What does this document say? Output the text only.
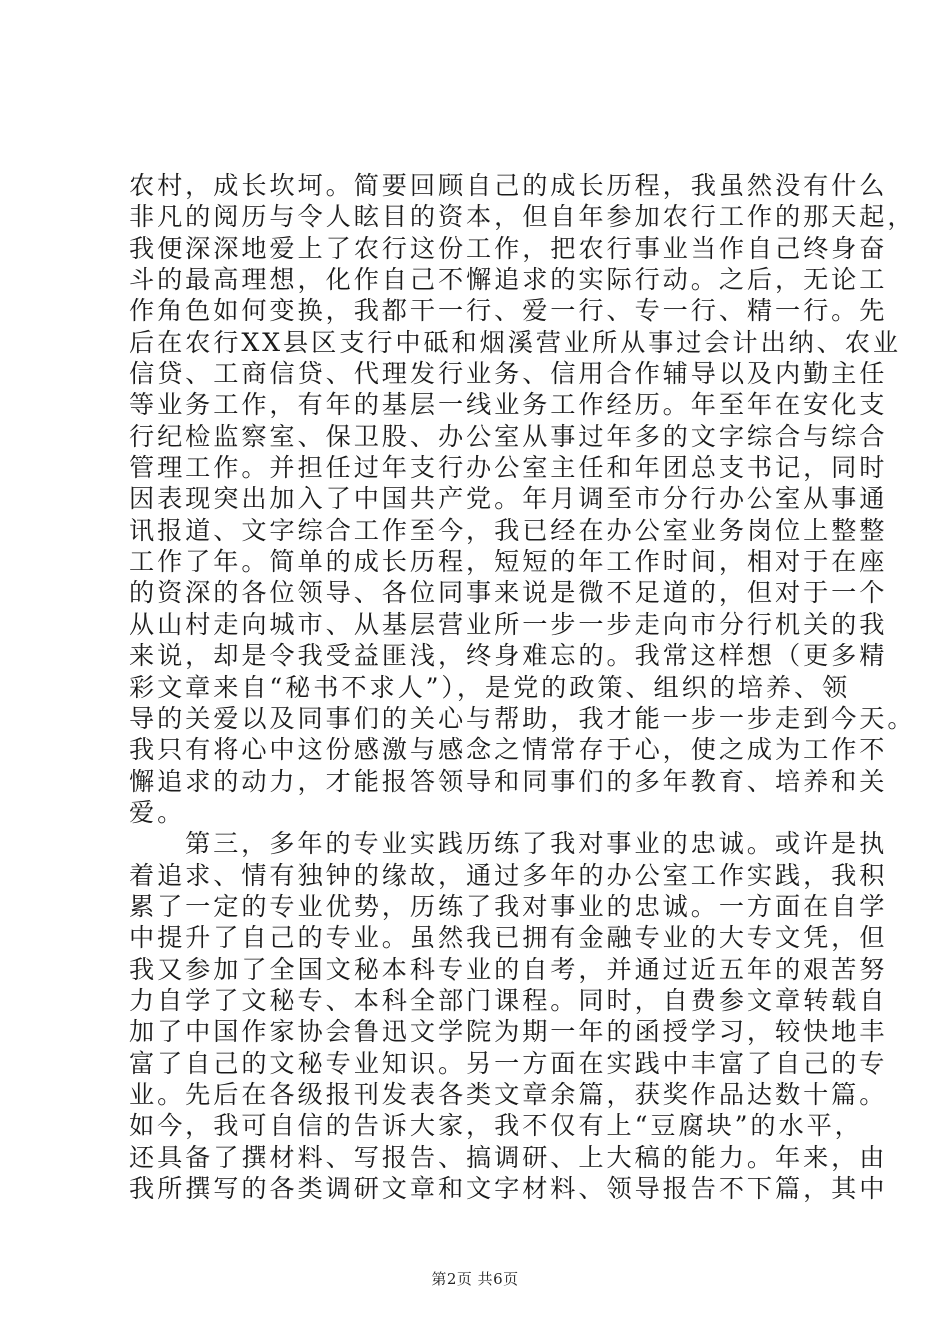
农村，成长坎坷。简要回顾自己的成长历程，我虽然没有什么
非凡的阅历与令人眩目的资本，但自年参加农行工作的那天起，
我便深深地爱上了农行这份工作，把农行事业当作自己终身奋
斗的最高理想，化作自己不懈追求的实际行动。之后，无论工
作角色如何变换，我都干一行、爱一行、专一行、精一行。先
后在农行XX县区支行中砥和烟溪营业所从事过会计出纳、农业
信贷、工商信贷、代理发行业务、信用合作辅导以及内勤主任
等业务工作，有年的基层一线业务工作经历。年至年在安化支
行纪检监察室、保卫股、办公室从事过年多的文字综合与综合
管理工作。并担任过年支行办公室主任和年团总支书记，同时
因表现突出加入了中国共产党。年月调至市分行办公室从事通
讯报道、文字综合工作至今，我已经在办公室业务岗位上整整
工作了年。简单的成长历程，短短的年工作时间，相对于在座
的资深的各位领导、各位同事来说是微不足道的，但对于一个
从山村走向城市、从基层营业所一步一步走向市分行机关的我
来说，却是令我受益匪浅，终身难忘的。我常这样想（更多精
彩文章来自“秘书不求人”），是党的政策、组织的培养、领
导的关爱以及同事们的关心与帮助，我才能一步一步走到今天。
我只有将心中这份感激与感念之情常存于心，使之成为工作不
懈追求的动力，才能报答领导和同事们的多年教育、培养和关
爱。
第三，多年的专业实践历练了我对事业的忠诚。或许是执
着追求、情有独钟的缘故，通过多年的办公室工作实践，我积
累了一定的专业优势，历练了我对事业的忠诚。一方面在自学
中提升了自己的专业。虽然我已拥有金融专业的大专文凭，但
我又参加了全国文秘本科专业的自考，并通过近五年的艰苦努
力自学了文秘专、本科全部门课程。同时，自费参文章转载自
加了中国作家协会鲁迅文学院为期一年的函授学习，较快地丰
富了自己的文秘专业知识。另一方面在实践中丰富了自己的专
业。先后在各级报刊发表各类文章余篇，获奖作品达数十篇。
如今，我可自信的告诉大家，我不仅有上“豆腐块”的水平，
还具备了撰材料、写报告、搞调研、上大稿的能力。年来，由
我所撰写的各类调研文章和文字材料、领导报告不下篇，其中
第2页 共6页
